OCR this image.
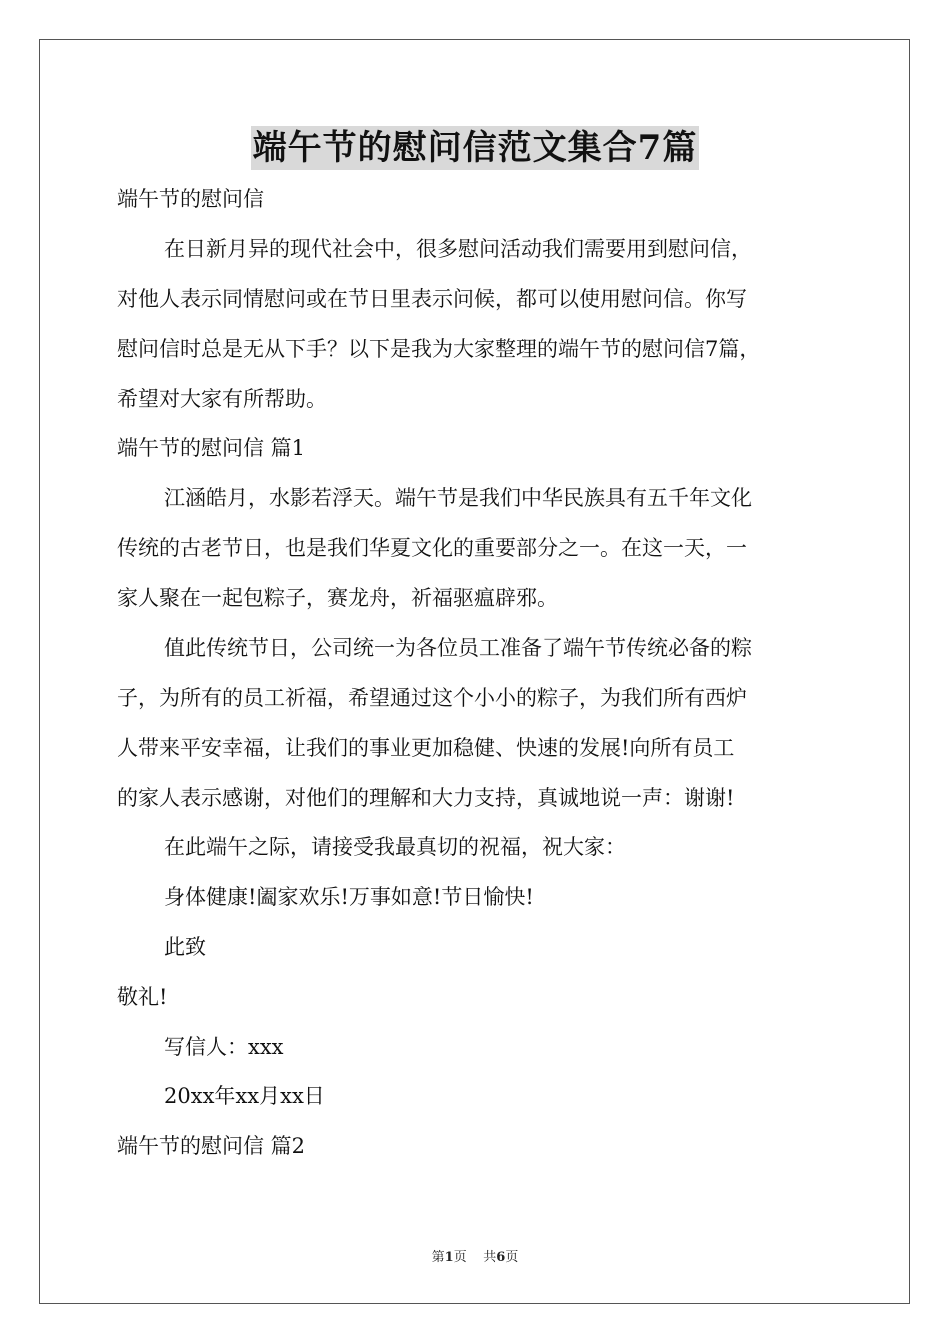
端午节的慰问信范文集合7篇
端午节的慰问信
在日新月异的现代社会中，很多慰问活动我们需要用到慰问信，
对他人表示同情慰问或在节日里表示问候，都可以使用慰问信。你写
慰问信时总是无从下手？以下是我为大家整理的端午节的慰问信7篇，
希望对大家有所帮助。
端午节的慰问信 篇1
江涵皓月，水影若浮天。端午节是我们中华民族具有五千年文化
传统的古老节日，也是我们华夏文化的重要部分之一。在这一天，一
家人聚在一起包粽子，赛龙舟，祈福驱瘟辟邪。
值此传统节日，公司统一为各位员工准备了端午节传统必备的粽
子，为所有的员工祈福，希望通过这个小小的粽子，为我们所有西炉
人带来平安幸福，让我们的事业更加稳健、快速的发展!向所有员工
的家人表示感谢，对他们的理解和大力支持，真诚地说一声：谢谢!
在此端午之际，请接受我最真切的祝福，祝大家：
身体健康!阖家欢乐!万事如意!节日愉快!
此致
敬礼!
写信人：xxx
20xx年xx月xx日
端午节的慰问信 篇2
第1页 共6页
